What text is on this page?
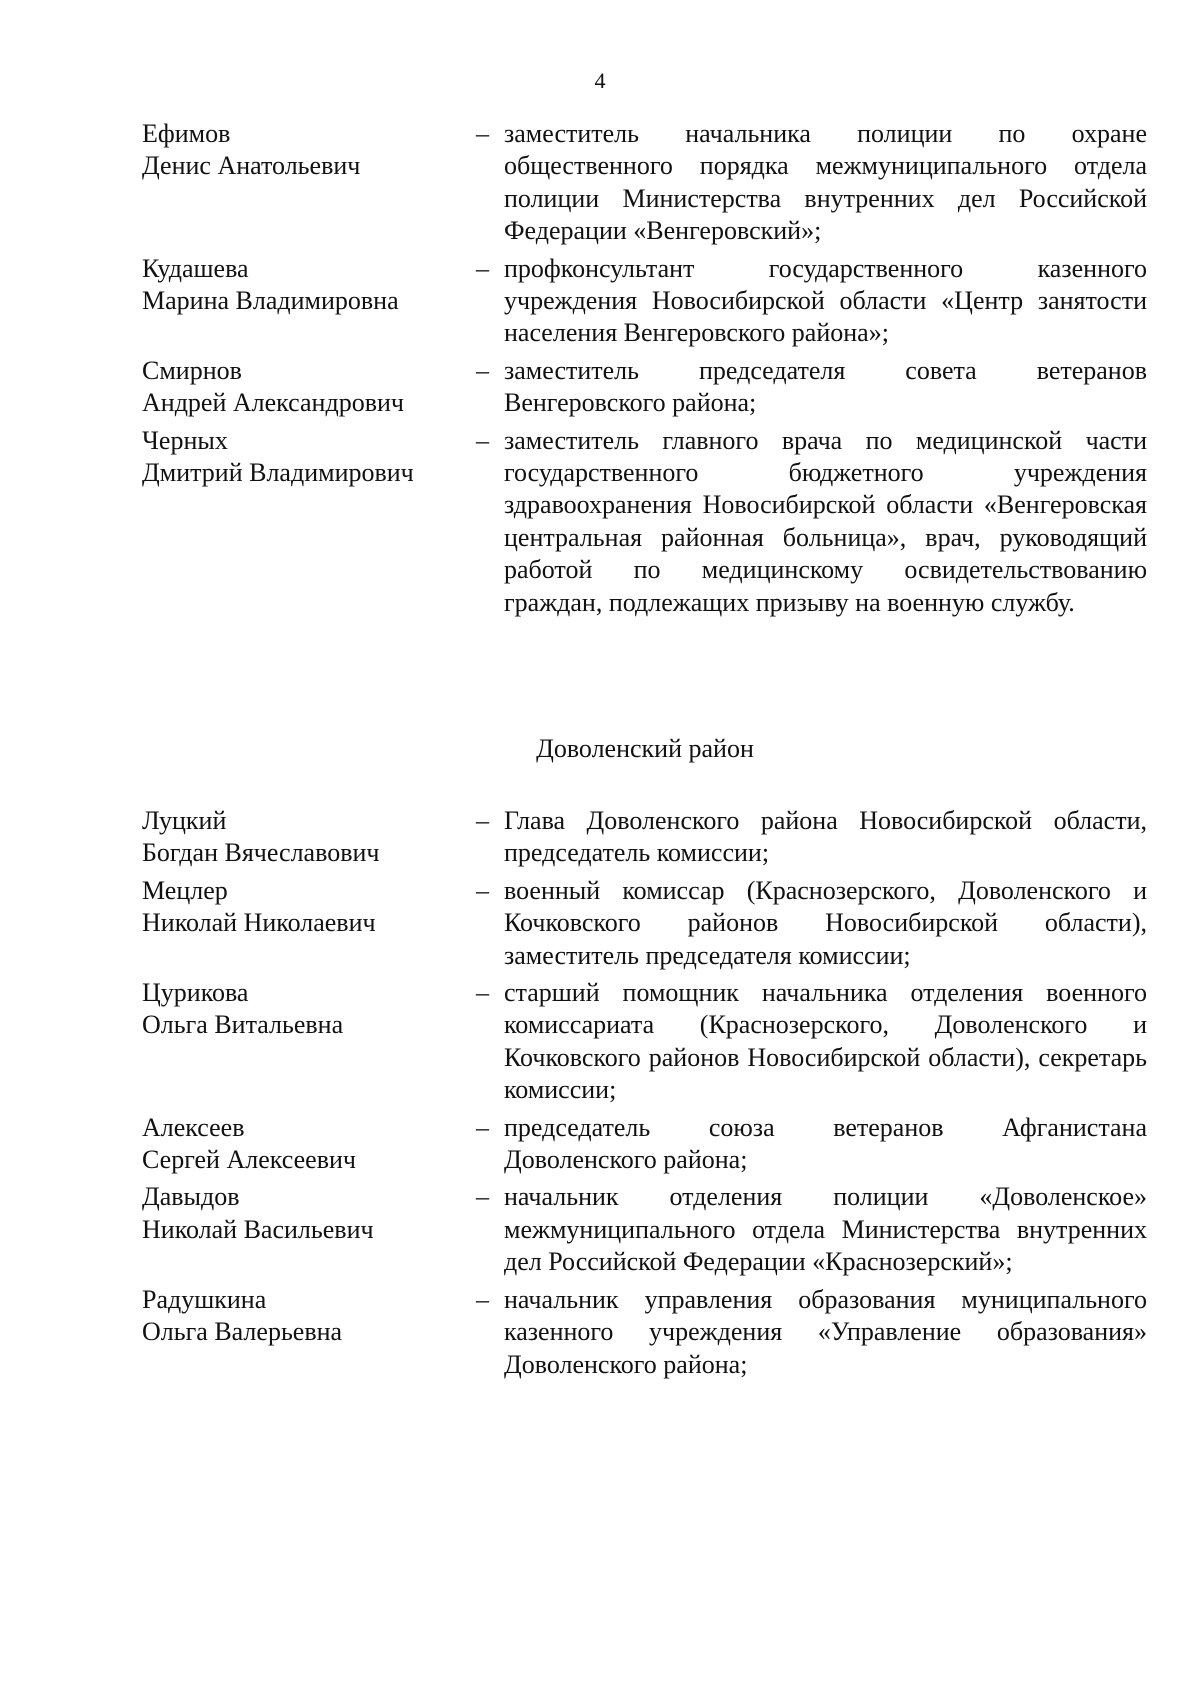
4
Ефимов
Денис Анатольевич
– заместитель начальника полиции по охране общественного порядка межмуниципального отдела полиции Министерства внутренних дел Российской Федерации «Венгеровский»;

Кудашева
Марина Владимировна
– профконсультант государственного казенного учреждения Новосибирской области «Центр занятости населения Венгеровского района»;

Смирнов
Андрей Александрович
– заместитель председателя совета ветеранов Венгеровского района;

Черных
Дмитрий Владимирович
– заместитель главного врача по медицинской части государственного бюджетного учреждения здравоохранения Новосибирской области «Венгеровская центральная районная больница», врач, руководящий работой по медицинскому освидетельствованию граждан, подлежащих призыву на военную службу.

Доволенский район
Луцкий
Богдан Вячеславович
– Глава Доволенского района Новосибирской области, председатель комиссии;

Мецлер
Николай Николаевич
– военный комиссар (Краснозерского, Доволенского и Кочковского районов Новосибирской области), заместитель председателя комиссии;

Цурикова
Ольга Витальевна
– старший помощник начальника отделения военного комиссариата (Краснозерского, Доволенского и Кочковского районов Новосибирской области), секретарь комиссии;

Алексеев
Сергей Алексеевич
– председатель союза ветеранов Афганистана Доволенского района;

Давыдов
Николай Васильевич
– начальник отделения полиции «Доволенское» межмуниципального отдела Министерства внутренних дел Российской Федерации «Краснозерский»;

Радушкина
Ольга Валерьевна
– начальник управления образования муниципального казенного учреждения «Управление образования» Доволенского района;
